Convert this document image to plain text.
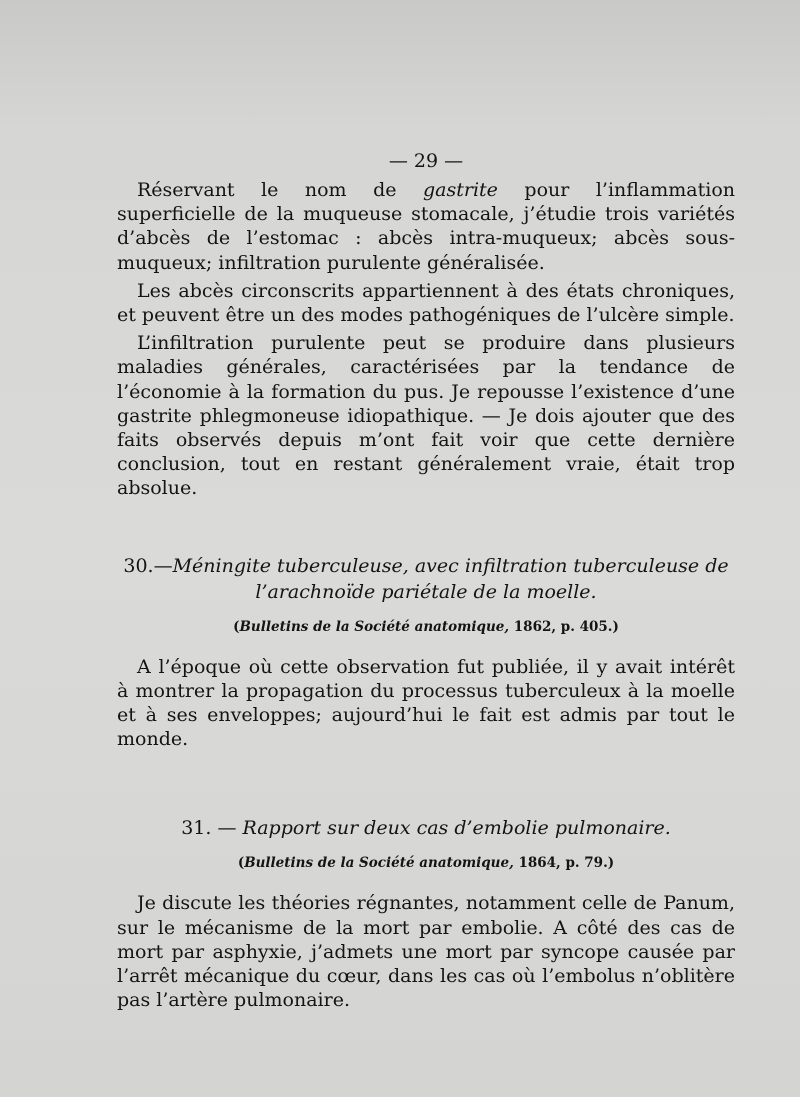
— 29 —

Réservant le nom de gastrite pour l’inflammation superficielle de la muqueuse stomacale, j’étudie trois variétés d’abcès de l’estomac : abcès intra-muqueux; abcès sous-muqueux; infiltration purulente généralisée.

Les abcès circonscrits appartiennent à des états chroniques, et peuvent être un des modes pathogéniques de l’ulcère simple.

L’infiltration purulente peut se produire dans plusieurs maladies générales, caractérisées par la tendance de l’économie à la formation du pus. Je repousse l’existence d’une gastrite phlegmoneuse idiopathique. — Je dois ajouter que des faits observés depuis m’ont fait voir que cette dernière conclusion, tout en restant généralement vraie, était trop absolue.

30.—Méningite tuberculeuse, avec infiltration tuberculeuse de
l’arachnoïde pariétale de la moelle.
(Bulletins de la Société anatomique, 1862, p. 405.)

A l’époque où cette observation fut publiée, il y avait intérêt à montrer la propagation du processus tuberculeux à la moelle et à ses enveloppes; aujourd’hui le fait est admis par tout le monde.

31. — Rapport sur deux cas d’embolie pulmonaire.
(Bulletins de la Société anatomique, 1864, p. 79.)

Je discute les théories régnantes, notamment celle de Panum, sur le mécanisme de la mort par embolie. A côté des cas de mort par asphyxie, j’admets une mort par syncope causée par l’arrêt mécanique du cœur, dans les cas où l’embolus n’oblitère pas l’artère pulmonaire.
